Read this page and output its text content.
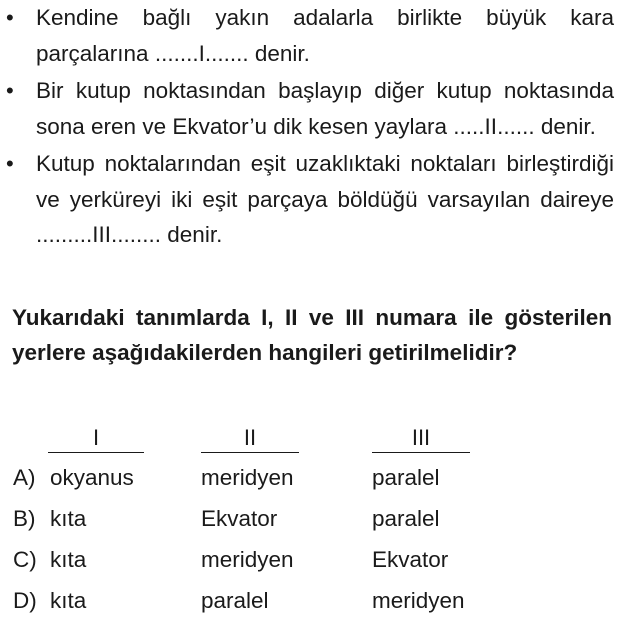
• Kendine bağlı yakın adalarla birlikte büyük kara parçalarına .......I....... denir.
• Bir kutup noktasından başlayıp diğer kutup noktasında sona eren ve Ekvator’u dik kesen yaylara .....II...... denir.
• Kutup noktalarından eşit uzaklıktaki noktaları birleştirdiği ve yerküreyi iki eşit parçaya böldüğü varsayılan daireye .........III........ denir.
Yukarıdaki tanımlarda I, II ve III numara ile gösterilen yerlere aşağıdakilerden hangileri getirilmelidir?
I	II	III
A) okyanus	meridyen	paralel
B) kıta	Ekvator	paralel
C) kıta	meridyen	Ekvator
D) kıta	paralel	meridyen
